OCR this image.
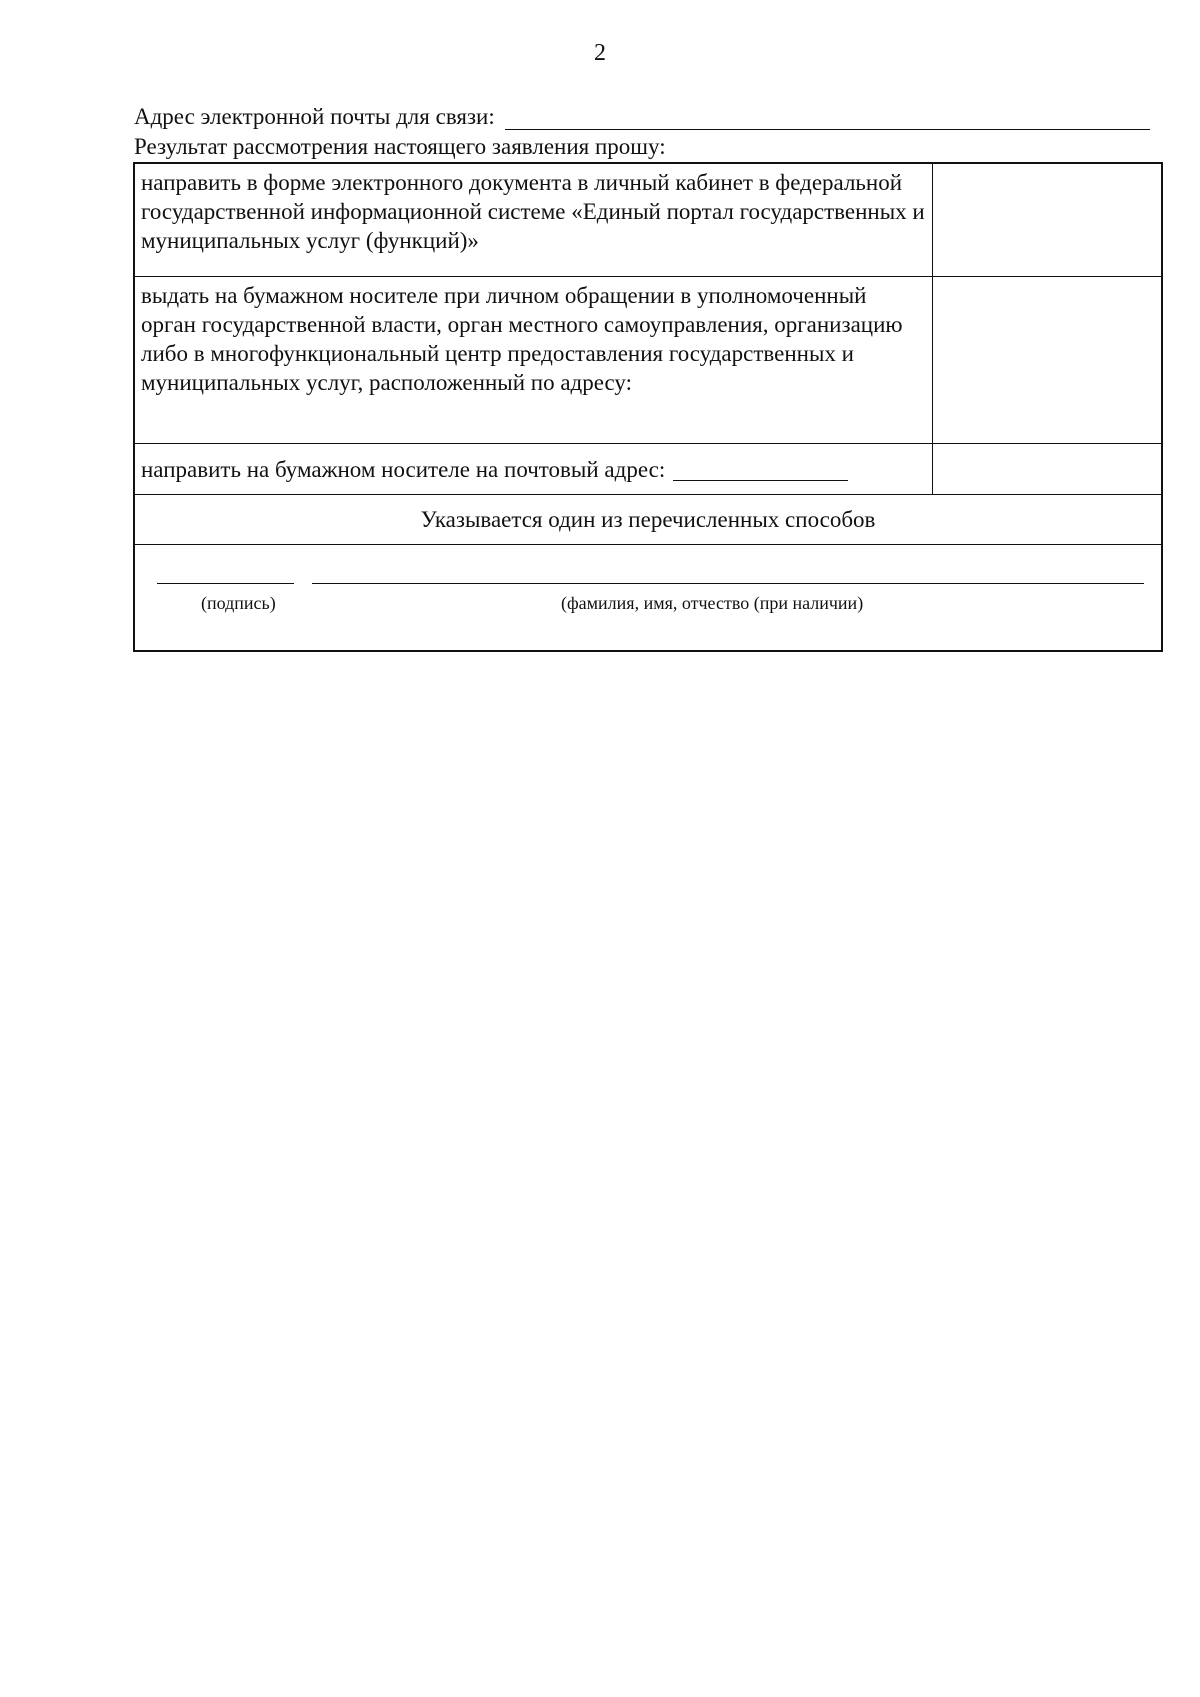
2
Адрес электронной почты для связи:
Результат рассмотрения настоящего заявления прошу:
направить в форме электронного документа в личный кабинет в федеральной государственной информационной системе «Единый портал государственных и муниципальных услуг (функций)»
выдать на бумажном носителе при личном обращении в уполномоченный орган государственной власти, орган местного самоуправления, организацию либо в многофункциональный центр предоставления государственных и муниципальных услуг, расположенный по адресу:
направить на бумажном носителе на почтовый адрес:
Указывается один из перечисленных способов
(подпись)	(фамилия, имя, отчество (при наличии)
